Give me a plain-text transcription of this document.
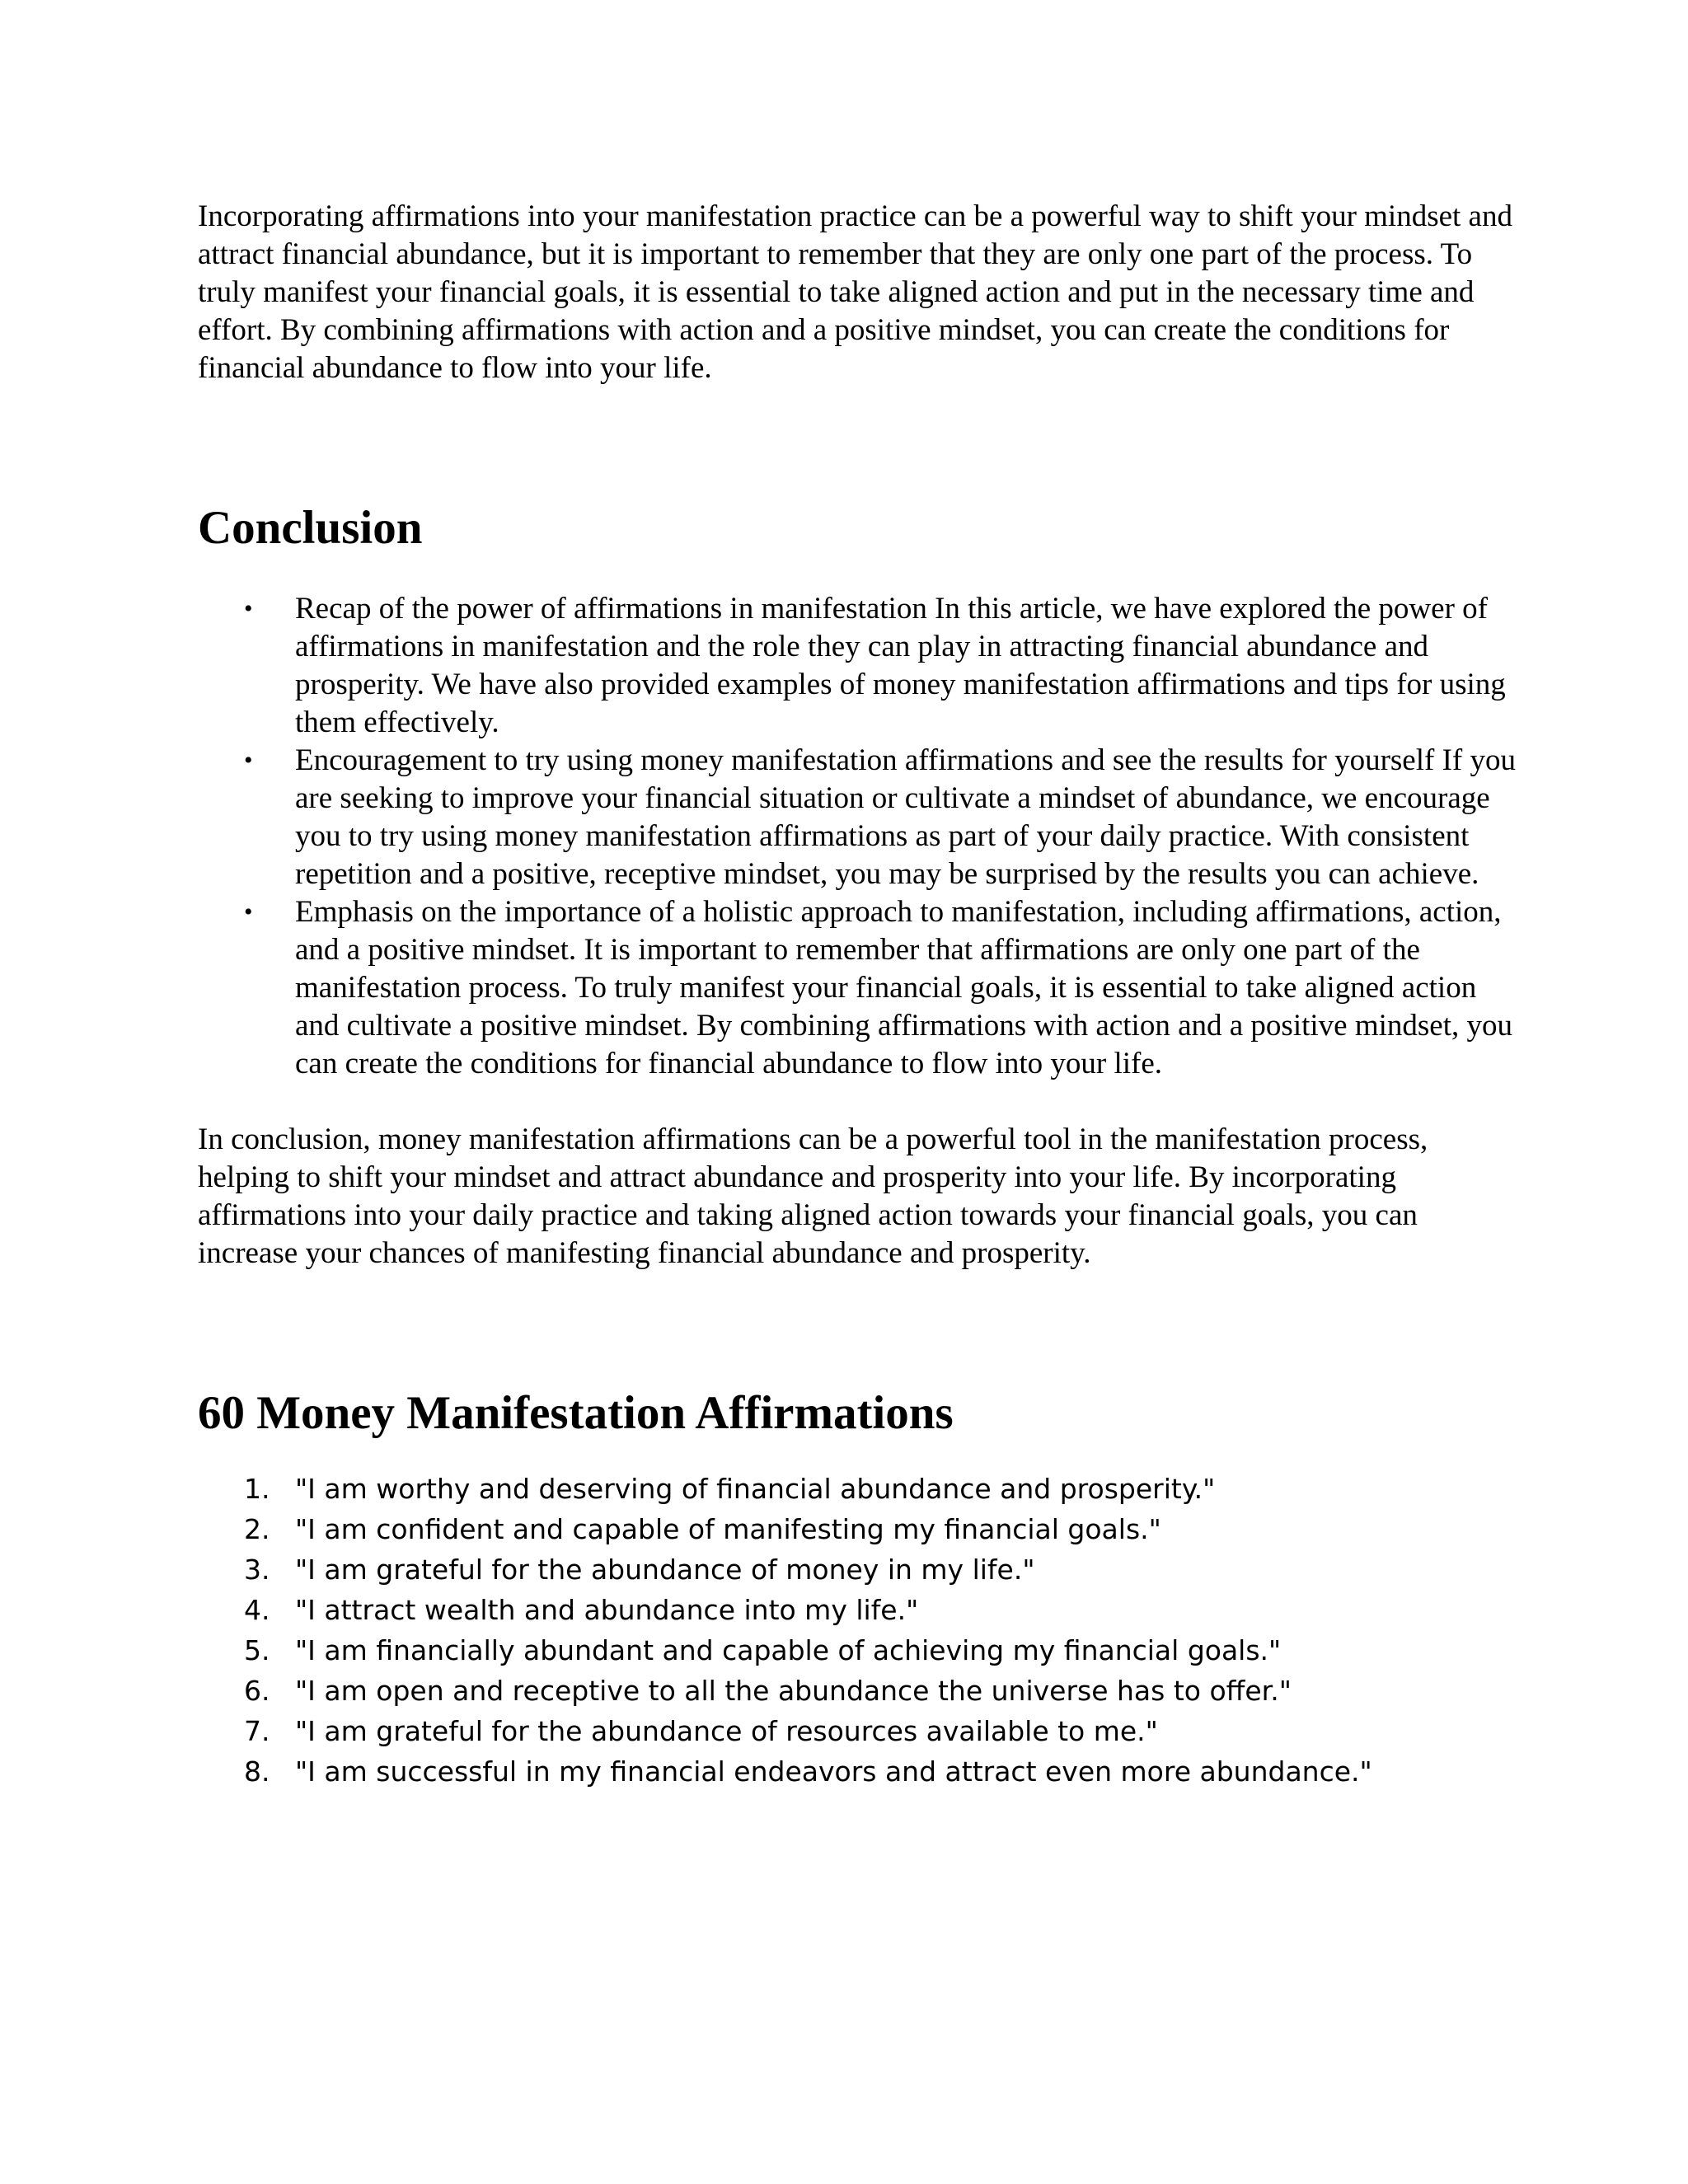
Incorporating affirmations into your manifestation practice can be a powerful way to shift your mindset and attract financial abundance, but it is important to remember that they are only one part of the process. To truly manifest your financial goals, it is essential to take aligned action and put in the necessary time and effort. By combining affirmations with action and a positive mindset, you can create the conditions for financial abundance to flow into your life.

Conclusion
• Recap of the power of affirmations in manifestation In this article, we have explored the power of affirmations in manifestation and the role they can play in attracting financial abundance and prosperity. We have also provided examples of money manifestation affirmations and tips for using them effectively.
• Encouragement to try using money manifestation affirmations and see the results for yourself If you are seeking to improve your financial situation or cultivate a mindset of abundance, we encourage you to try using money manifestation affirmations as part of your daily practice. With consistent repetition and a positive, receptive mindset, you may be surprised by the results you can achieve.
• Emphasis on the importance of a holistic approach to manifestation, including affirmations, action, and a positive mindset. It is important to remember that affirmations are only one part of the manifestation process. To truly manifest your financial goals, it is essential to take aligned action and cultivate a positive mindset. By combining affirmations with action and a positive mindset, you can create the conditions for financial abundance to flow into your life.

In conclusion, money manifestation affirmations can be a powerful tool in the manifestation process, helping to shift your mindset and attract abundance and prosperity into your life. By incorporating affirmations into your daily practice and taking aligned action towards your financial goals, you can increase your chances of manifesting financial abundance and prosperity.

60 Money Manifestation Affirmations
1. "I am worthy and deserving of financial abundance and prosperity."
2. "I am confident and capable of manifesting my financial goals."
3. "I am grateful for the abundance of money in my life."
4. "I attract wealth and abundance into my life."
5. "I am financially abundant and capable of achieving my financial goals."
6. "I am open and receptive to all the abundance the universe has to offer."
7. "I am grateful for the abundance of resources available to me."
8. "I am successful in my financial endeavors and attract even more abundance."
